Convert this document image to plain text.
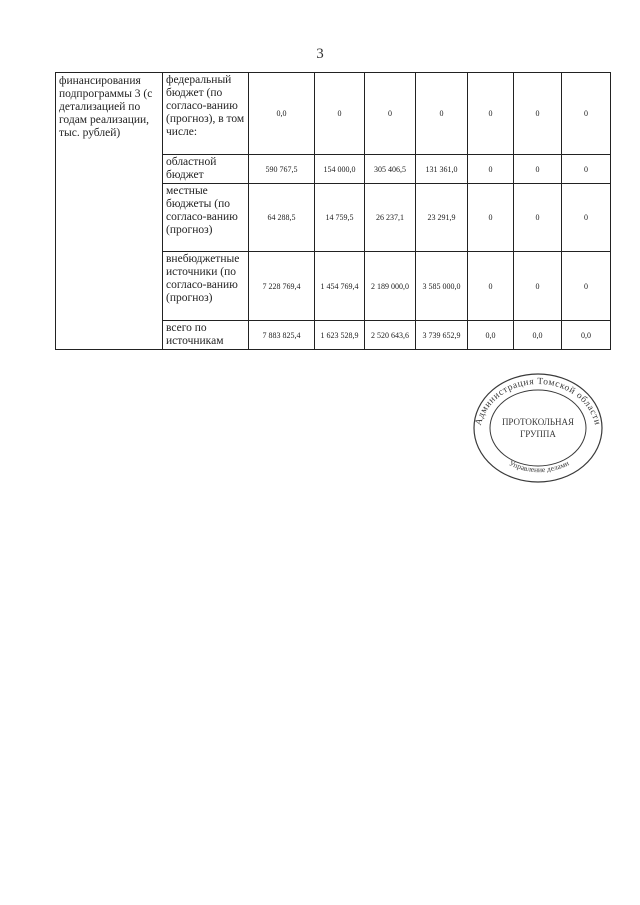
3
финансирования подпрограммы 3 (с детализацией по годам реализации, тыс. рублей)	федеральный бюджет (по согласо-ванию (прогноз), в том числе:	0,0	0	0	0	0	0	0
	областной бюджет	590 767,5	154 000,0	305 406,5	131 361,0	0	0	0
	местные бюджеты (по согласо-ванию (прогноз)	64 288,5	14 759,5	26 237,1	23 291,9	0	0	0
	внебюджетные источники (по согласо-ванию (прогноз)	7 228 769,4	1 454 769,4	2 189 000,0	3 585 000,0	0	0	0
	всего по источникам	7 883 825,4	1 623 528,9	2 520 643,6	3 739 652,9	0,0	0,0	0,0
Администрация Томской области
Управление делами
ПРОТОКОЛЬНАЯ
ГРУППА
